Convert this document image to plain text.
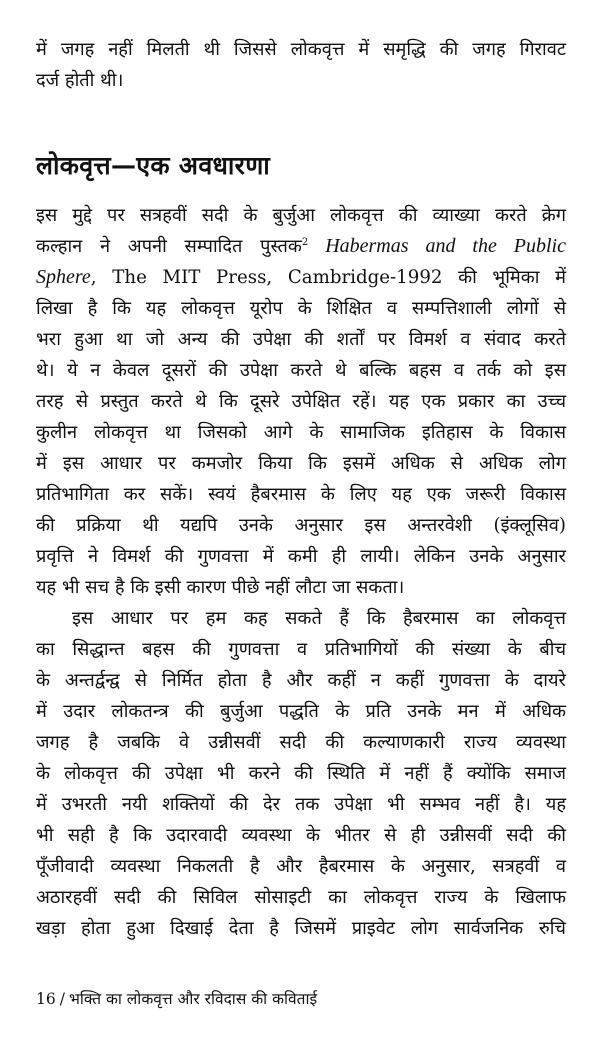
में जगह नहीं मिलती थी जिससे लोकवृत्त में समृद्धि की जगह गिरावट
दर्ज होती थी।
लोकवृत्त—एक अवधारणा
इस मुद्दे पर सत्रहवीं सदी के बुर्जुआ लोकवृत्त की व्याख्या करते क्रेग
कल्हान ने अपनी सम्पादित पुस्तक$^2$ Habermas and the Public
Sphere, The MIT Press, Cambridge-1992 की भूमिका में
लिखा है कि यह लोकवृत्त यूरोप के शिक्षित व सम्पत्तिशाली लोगों से
भरा हुआ था जो अन्य की उपेक्षा की शर्तों पर विमर्श व संवाद करते
थे। ये न केवल दूसरों की उपेक्षा करते थे बल्कि बहस व तर्क को इस
तरह से प्रस्तुत करते थे कि दूसरे उपेक्षित रहें। यह एक प्रकार का उच्च
कुलीन लोकवृत्त था जिसको आगे के सामाजिक इतिहास के विकास
में इस आधार पर कमजोर किया कि इसमें अधिक से अधिक लोग
प्रतिभागिता कर सकें। स्वयं हैबरमास के लिए यह एक जरूरी विकास
की प्रक्रिया थी यद्यपि उनके अनुसार इस अन्तरवेशी (इंक्लूसिव)
प्रवृत्ति ने विमर्श की गुणवत्ता में कमी ही लायी। लेकिन उनके अनुसार
यह भी सच है कि इसी कारण पीछे नहीं लौटा जा सकता।
इस आधार पर हम कह सकते हैं कि हैबरमास का लोकवृत्त
का सिद्धान्त बहस की गुणवत्ता व प्रतिभागियों की संख्या के बीच
के अन्तर्द्वन्द्व से निर्मित होता है और कहीं न कहीं गुणवत्ता के दायरे
में उदार लोकतन्त्र की बुर्जुआ पद्धति के प्रति उनके मन में अधिक
जगह है जबकि वे उन्नीसवीं सदी की कल्याणकारी राज्य व्यवस्था
के लोकवृत्त की उपेक्षा भी करने की स्थिति में नहीं हैं क्योंकि समाज
में उभरती नयी शक्तियों की देर तक उपेक्षा भी सम्भव नहीं है। यह
भी सही है कि उदारवादी व्यवस्था के भीतर से ही उन्नीसवीं सदी की
पूँजीवादी व्यवस्था निकलती है और हैबरमास के अनुसार, सत्रहवीं व
अठारहवीं सदी की सिविल सोसाइटी का लोकवृत्त राज्य के खिलाफ
खड़ा होता हुआ दिखाई देता है जिसमें प्राइवेट लोग सार्वजनिक रुचि
16 / भक्ति का लोकवृत्त और रविदास की कविताई
